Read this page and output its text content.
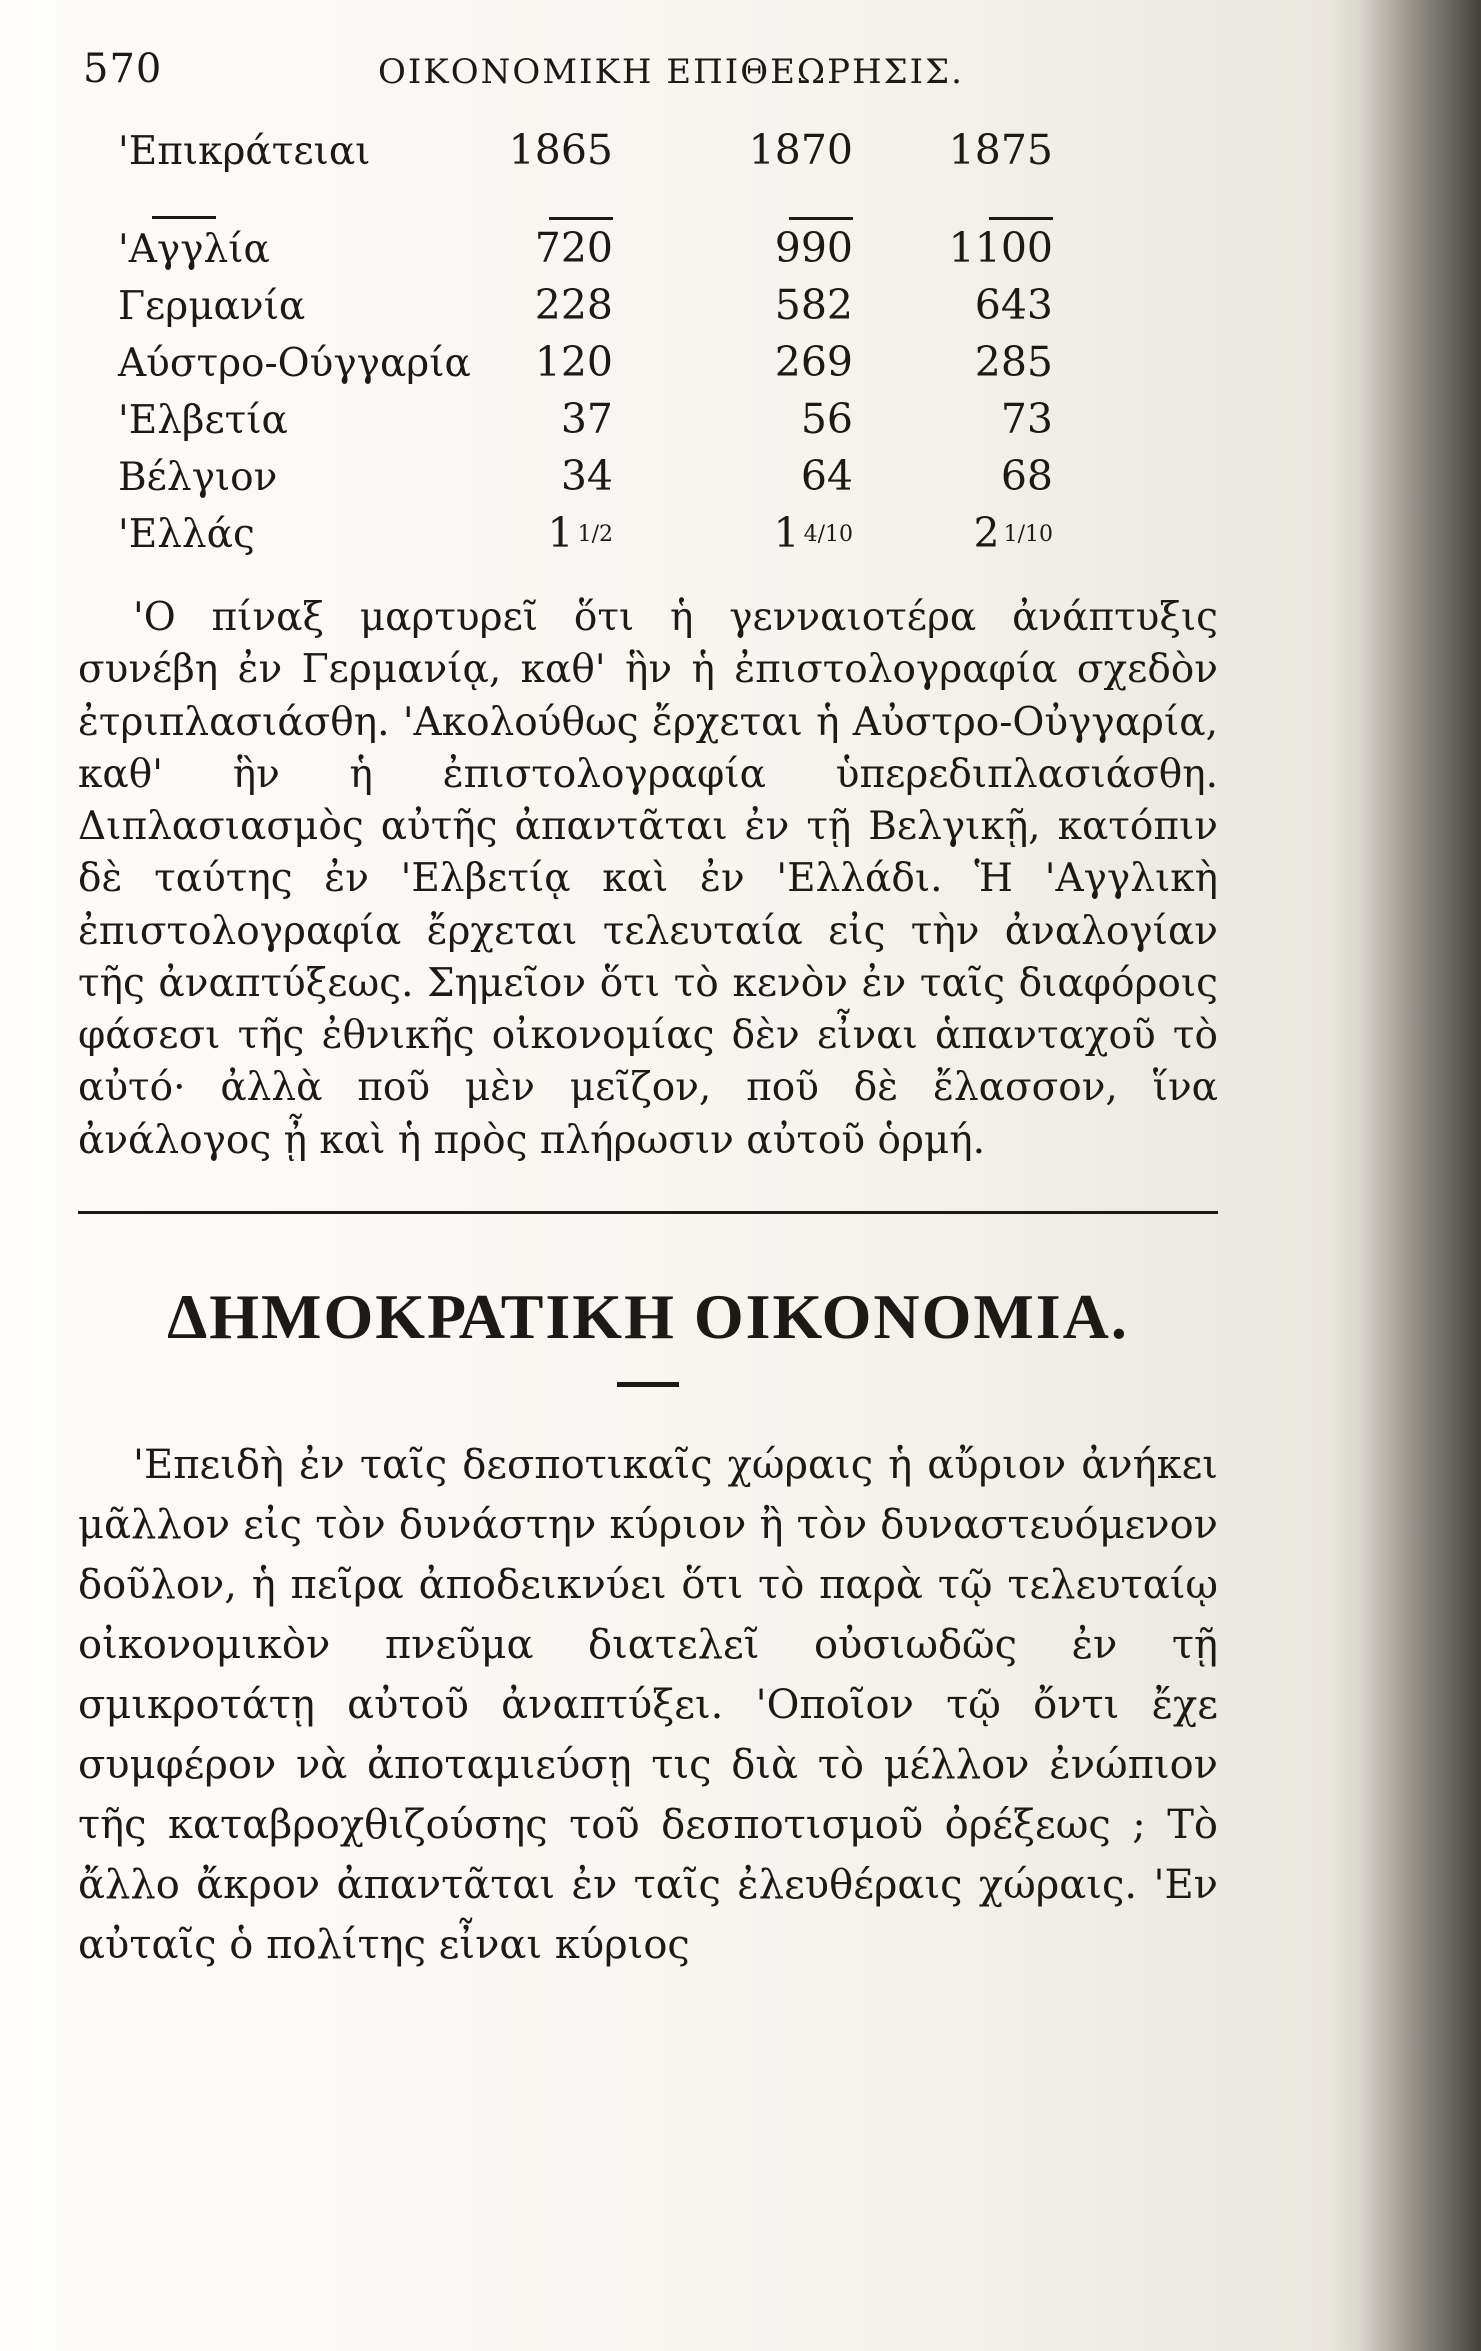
570	ΟΙΚΟΝΟΜΙΚΗ ΕΠΙΘΕΩΡΗΣΙΣ.
'Επικράτειαι	1865	1870	1875
'Αγγλία	720	990	1100
Γερμανία	228	582	643
Αύστρο-Ούγγαρία	120	269	285
'Ελβετία	37	56	73
Βέλγιον	34	64	68
'Ελλάς	1 1/2	1 4/10	2 1/10

'Ο πίναξ μαρτυρεῖ ὅτι ἡ γενναιοτέρα ἀνάπτυξις συνέβη ἐν Γερμανίᾳ, καθ' ἣν ἡ ἐπιστολογραφία σχεδὸν ἐτριπλασιάσθη. 'Ακολούθως ἔρχεται ἡ Αὐστρο-Οὐγγαρία, καθ' ἣν ἡ ἐπιστολογραφία ὑπερεδιπλασιάσθη. Διπλασιασμὸς αὐτῆς ἀπαντᾶται ἐν τῇ Βελγικῇ, κατόπιν δὲ ταύτης ἐν 'Ελβετίᾳ καὶ ἐν 'Ελλάδι. Ἡ 'Αγγλικὴ ἐπιστολογραφία ἔρχεται τελευταία εἰς τὴν ἀναλογίαν τῆς ἀναπτύξεως. Σημεῖον ὅτι τὸ κενὸν ἐν ταῖς διαφόροις φάσεσι τῆς ἐθνικῆς οἰκονομίας δὲν εἶναι ἁπανταχοῦ τὸ αὐτό· ἀλλὰ ποῦ μὲν μεῖζον, ποῦ δὲ ἔλασσον, ἵνα ἀνάλογος ᾖ καὶ ἡ πρὸς πλήρωσιν αὐτοῦ ὁρμή.

ΔΗΜΟΚΡΑΤΙΚΗ ΟΙΚΟΝΟΜΙΑ.

'Επειδὴ ἐν ταῖς δεσποτικαῖς χώραις ἡ αὔριον ἀνήκει μᾶλλον εἰς τὸν δυνάστην κύριον ἢ τὸν δυναστευόμενον δοῦλον, ἡ πεῖρα ἀποδεικνύει ὅτι τὸ παρὰ τῷ τελευταίῳ οἰκονομικὸν πνεῦμα διατελεῖ οὐσιωδῶς ἐν τῇ σμικροτάτῃ αὐτοῦ ἀναπτύξει. 'Οποῖον τῷ ὄντι ἔχε συμφέρον νὰ ἀποταμιεύσῃ τις διὰ τὸ μέλλον ἐνώπιον τῆς καταβροχθιζούσης τοῦ δεσποτισμοῦ ὀρέξεως ; Τὸ ἄλλο ἄκρον ἀπαντᾶται ἐν ταῖς ἐλευθέραις χώραις. 'Εν αὐταῖς ὁ πολίτης εἶναι κύριος
